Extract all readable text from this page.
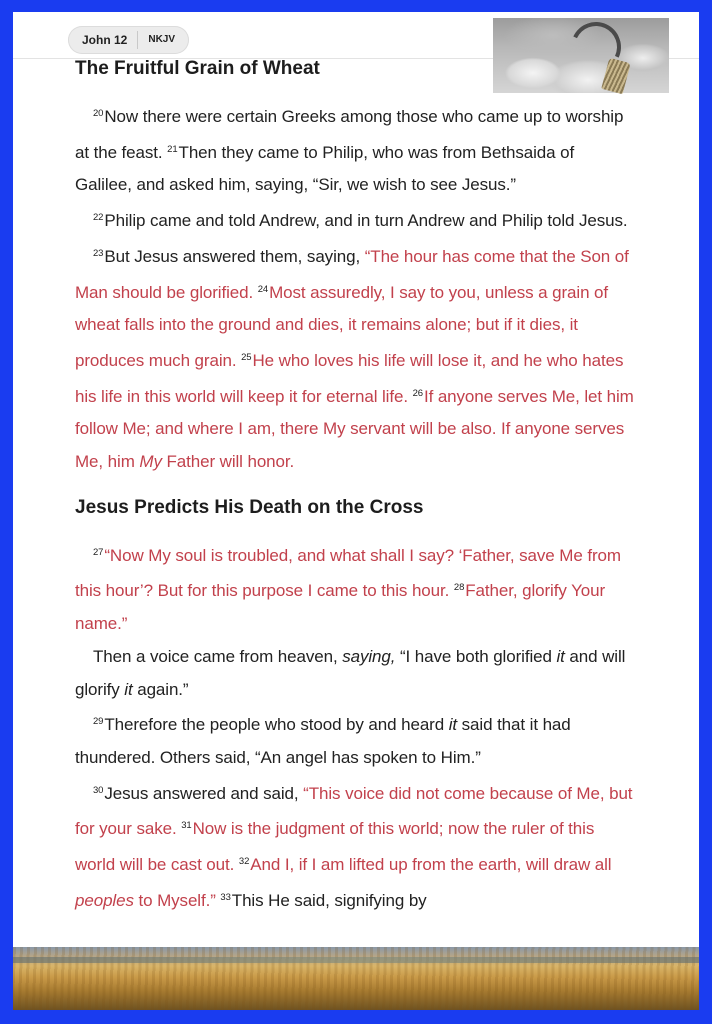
John 12	NKJV
The Fruitful Grain of Wheat

$^{20}$Now there were certain Greeks among those who came up to worship at the feast. $^{21}$Then they came to Philip, who was from Bethsaida of Galilee, and asked him, saying, “Sir, we wish to see Jesus.”

$^{22}$Philip came and told Andrew, and in turn Andrew and Philip told Jesus.

$^{23}$But Jesus answered them, saying, “The hour has come that the Son of Man should be glorified. $^{24}$Most assuredly, I say to you, unless a grain of wheat falls into the ground and dies, it remains alone; but if it dies, it produces much grain. $^{25}$He who loves his life will lose it, and he who hates his life in this world will keep it for eternal life. $^{26}$If anyone serves Me, let him follow Me; and where I am, there My servant will be also. If anyone serves Me, him My Father will honor.

Jesus Predicts His Death on the Cross

$^{27}$“Now My soul is troubled, and what shall I say? ‘Father, save Me from this hour’? But for this purpose I came to this hour. $^{28}$Father, glorify Your name.”

Then a voice came from heaven, saying, “I have both glorified it and will glorify it again.”

$^{29}$Therefore the people who stood by and heard it said that it had thundered. Others said, “An angel has spoken to Him.”

$^{30}$Jesus answered and said, “This voice did not come because of Me, but for your sake. $^{31}$Now is the judgment of this world; now the ruler of this world will be cast out. $^{32}$And I, if I am lifted up from the earth, will draw all peoples to Myself.” $^{33}$This He said, signifying by
